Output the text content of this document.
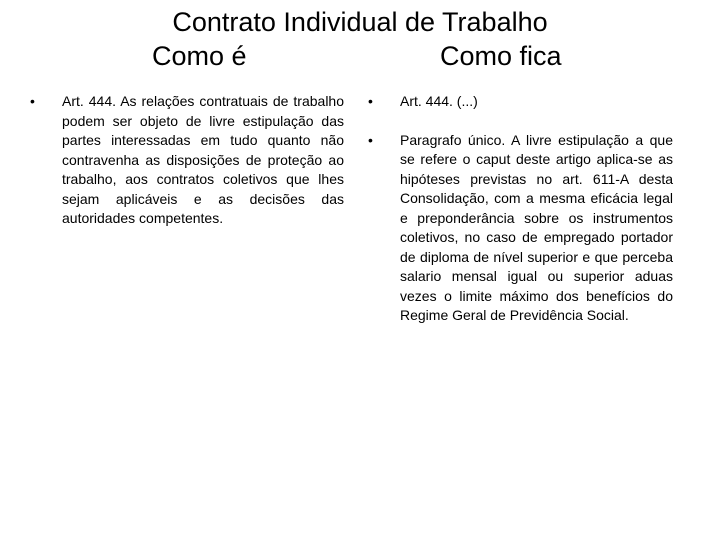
Contrato Individual de Trabalho
Como é	Como fica
•	Art. 444. As relações contratuais de trabalho podem ser objeto de livre estipulação das partes interessadas em tudo quanto não contravenha as disposições de proteção ao trabalho, aos contratos coletivos que lhes sejam aplicáveis e as decisões das autoridades competentes.
•	Art. 444. (...)
•	Paragrafo único. A livre estipulação a que se refere o caput deste artigo aplica-se as hipóteses previstas no art. 611-A desta Consolidação, com a mesma eficácia legal e preponderância sobre os instrumentos coletivos, no caso de empregado portador de diploma de nível superior e que perceba salario mensal igual ou superior aduas vezes o limite máximo dos benefícios do Regime Geral de Previdência Social.
